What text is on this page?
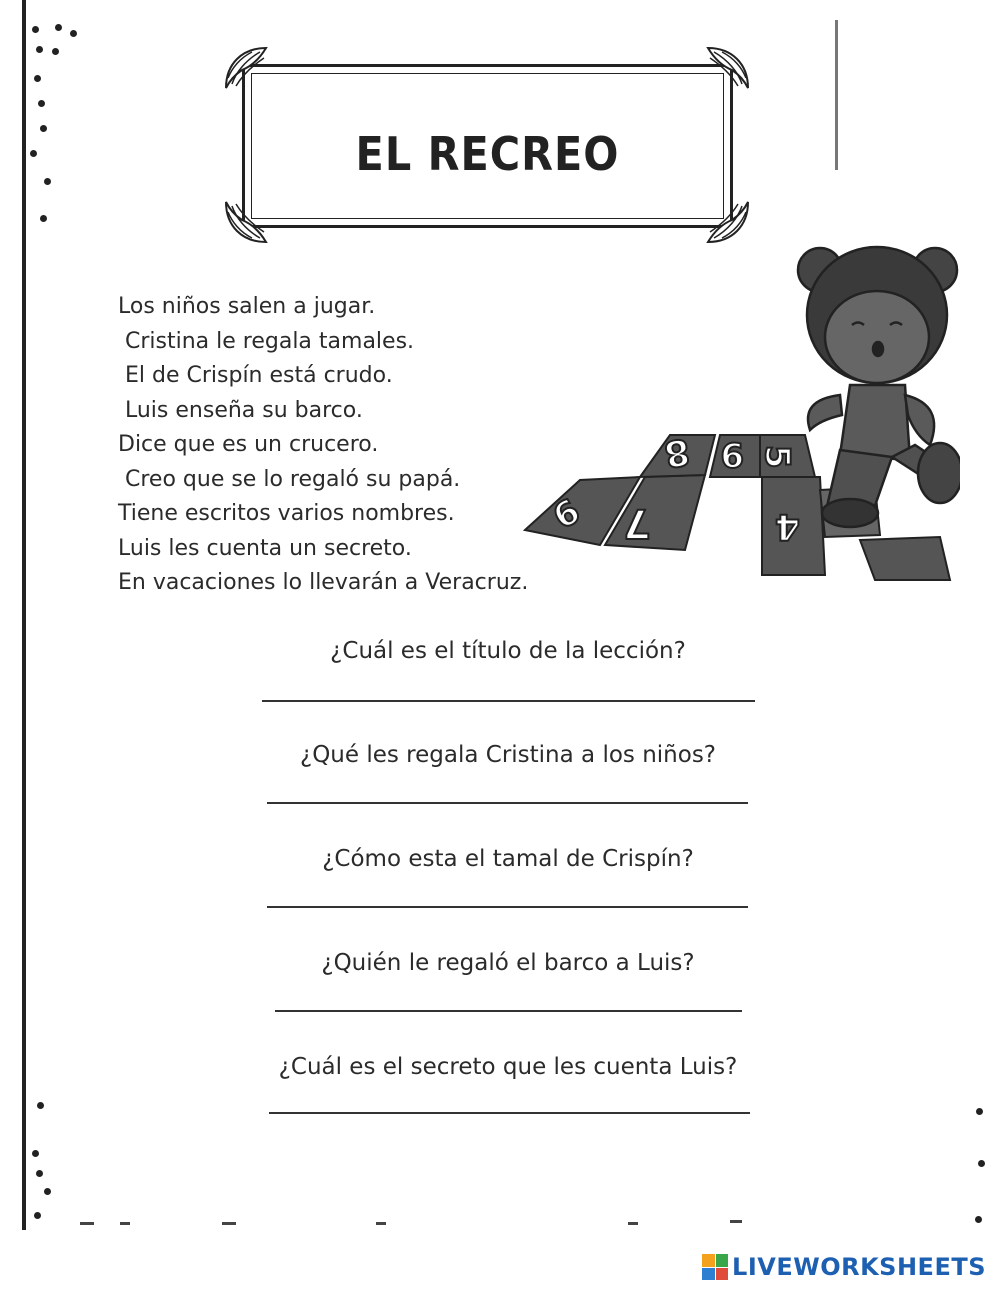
EL RECREO
Los niños salen a jugar.
Cristina le regala tamales.
El de Crispín está crudo.
Luis enseña su barco.
Dice que es un crucero.
Creo que se lo regaló su papá.
Tiene escritos varios nombres.
Luis les cuenta un secreto.
En vacaciones lo llevarán a Veracruz.
6 7
8 9 5
4
¿Cuál es el título de la lección?
¿Qué les regala Cristina a los niños?
¿Cómo esta el tamal de Crispín?
¿Quién le regaló el barco a Luis?
¿Cuál es el secreto que les cuenta Luis?
LIVEWORKSHEETS
